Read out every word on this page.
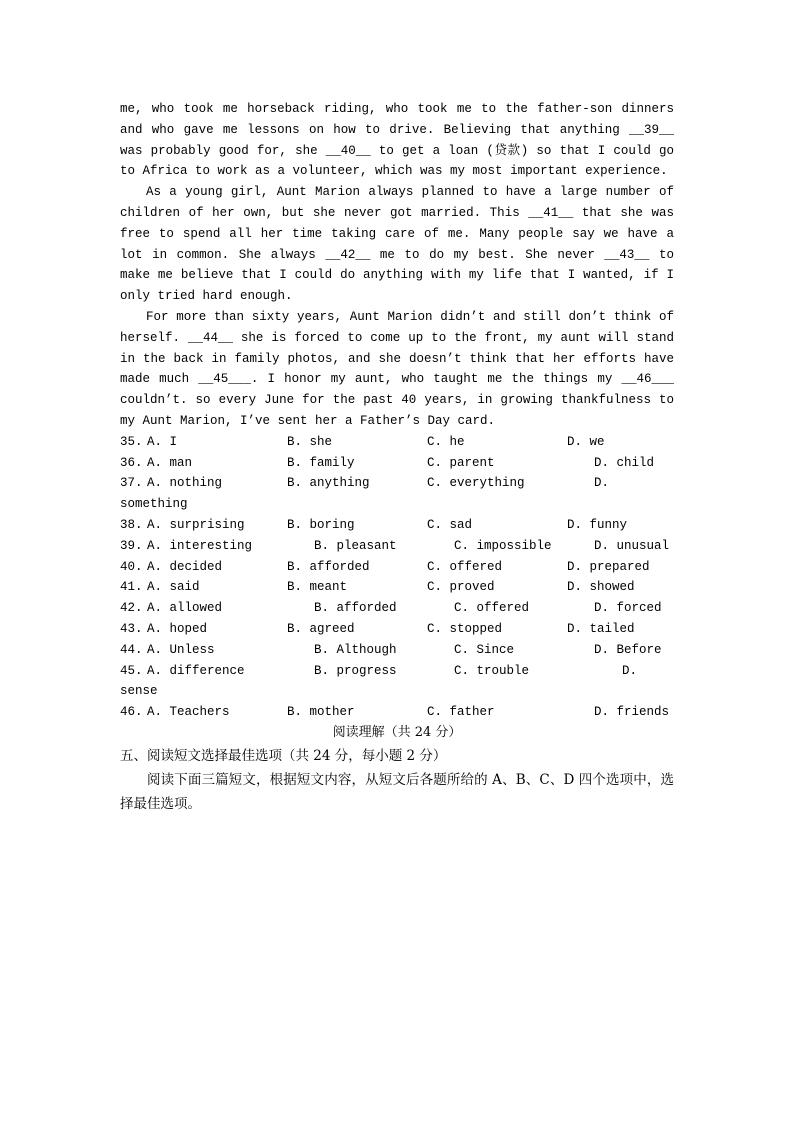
me, who took me horseback riding, who took me to the father-son dinners and who gave me lessons on how to drive. Believing that anything __39__ was probably good for, she __40__ to get a loan (贷款) so that I could go to Africa to work as a volunteer, which was my most important experience.

As a young girl, Aunt Marion always planned to have a large number of children of her own, but she never got married. This __41__ that she was free to spend all her time taking care of me. Many people say we have a lot in common. She always __42__ me to do my best. She never __43__ to make me believe that I could do anything with my life that I wanted, if I only tried hard enough.

For more than sixty years, Aunt Marion didn’t and still don’t think of herself. __44__ she is forced to come up to the front, my aunt will stand in the back in family photos, and she doesn’t think that her efforts have made much __45___. I honor my aunt, who taught me the things my __46___ couldn’t. so every June for the past 40 years, in growing thankfulness to my Aunt Marion, I’ve sent her a Father’s Day card.

35. A. I	B. she	C. he	D. we
36. A. man	B. family	C. parent	D. child
37. A. nothing	B. anything	C. everything	D.
something
38. A. surprising	B. boring	C. sad	D. funny
39. A. interesting	B. pleasant	C. impossible	D. unusual
40. A. decided	B. afforded	C. offered	D. prepared
41. A. said	B. meant	C. proved	D. showed
42. A. allowed	B. afforded	C. offered	D. forced
43. A. hoped	B. agreed	C. stopped	D. tailed
44. A. Unless	B. Although	C. Since	D. Before
45. A. difference	B. progress	C. trouble	D.
sense
46. A. Teachers	B. mother	C. father	D. friends

阅读理解（共 24 分）

五、阅读短文选择最佳选项（共 24 分，每小题 2 分）

阅读下面三篇短文，根据短文内容，从短文后各题所给的 A、B、C、D 四个选项中，选择最佳选项。
